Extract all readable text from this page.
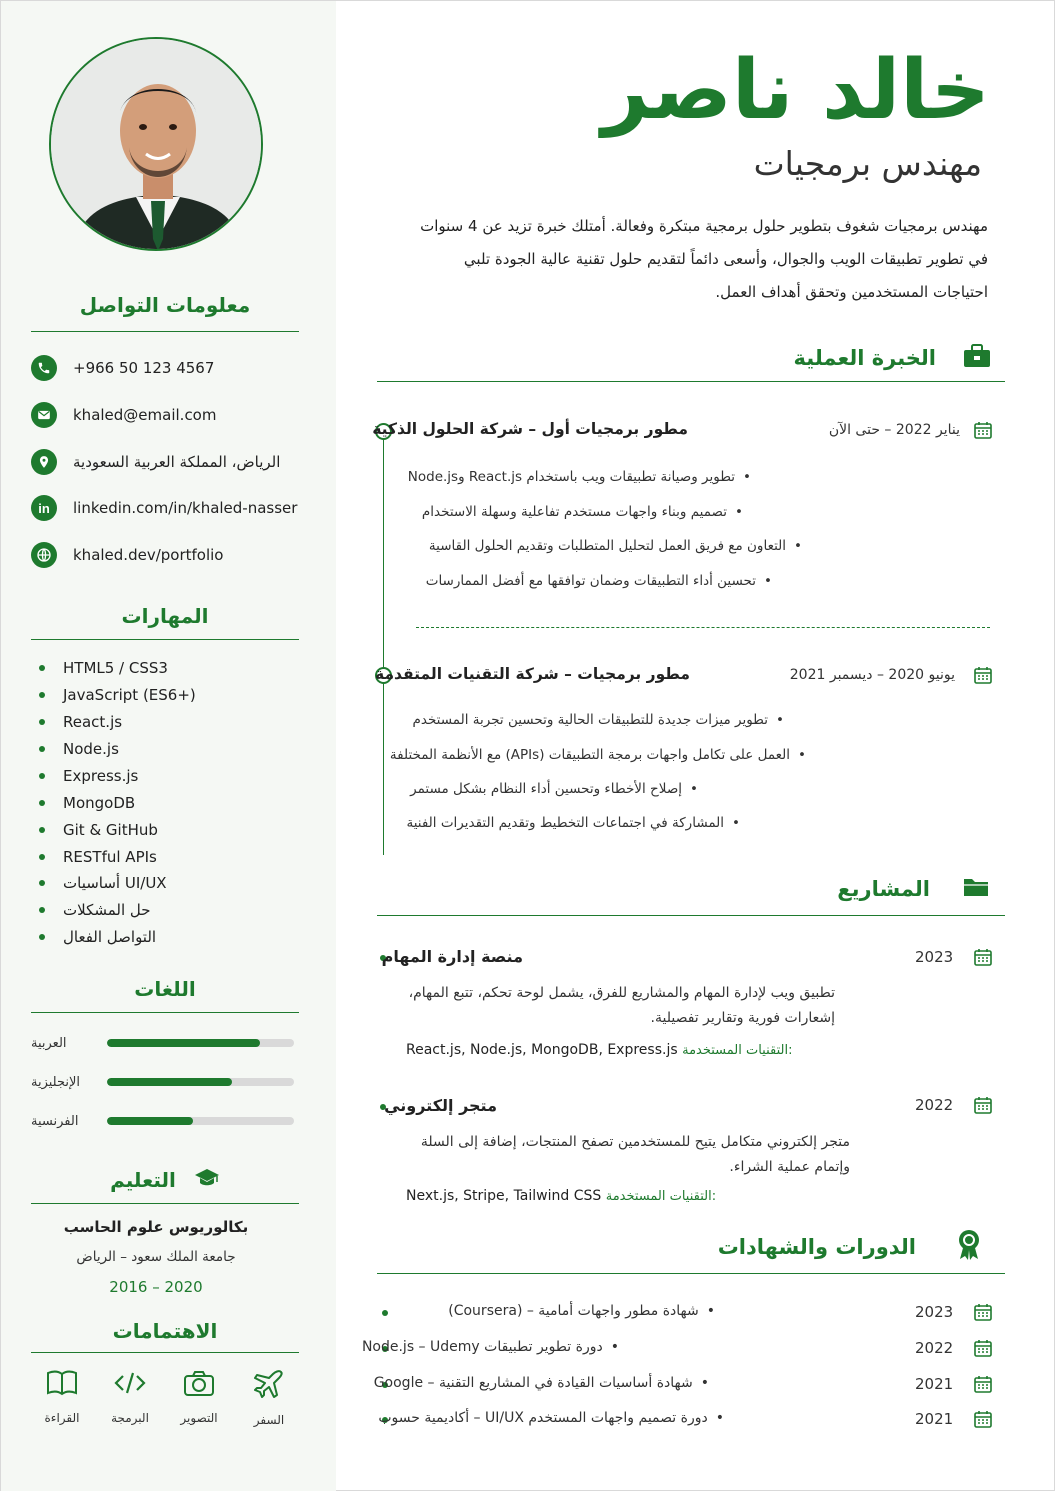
معلومات التواصل
+966 50 123 4567
khaled@email.com
الرياض، المملكة العربية السعودية
in	linkedin.com/in/khaled-nasser
khaled.dev/portfolio
المهارات
HTML5 / CSS3
JavaScript (ES6+)
React.js
Node.js
Express.js
MongoDB
Git & GitHub
RESTful APIs
أساسيات UI/UX
حل المشكلات
التواصل الفعال
اللغات
العربية
الإنجليزية
الفرنسية
التعليم
بكالوريوس علوم الحاسب
جامعة الملك سعود – الرياض
2016 – 2020
الاهتمامات
القراءة	البرمجة	التصوير	السفر
خالد ناصر
مهندس برمجيات
مهندس برمجيات شغوف بتطوير حلول برمجية مبتكرة وفعالة. أمتلك خبرة تزيد عن 4 سنوات
في تطوير تطبيقات الويب والجوال، وأسعى دائماً لتقديم حلول تقنية عالية الجودة تلبي
احتياجات المستخدمين وتحقق أهداف العمل.
الخبرة العملية
مطور برمجيات أول – شركة الحلول الذكية	يناير 2022 – حتى الآن
• تطوير وصيانة تطبيقات ويب باستخدام React.js وNode.js
• تصميم وبناء واجهات مستخدم تفاعلية وسهلة الاستخدام
• التعاون مع فريق العمل لتحليل المتطلبات وتقديم الحلول القاسية
• تحسين أداء التطبيقات وضمان توافقها مع أفضل الممارسات
مطور برمجيات – شركة التقنيات المتقدمة	يونيو 2020 – ديسمبر 2021
• تطوير ميزات جديدة للتطبيقات الحالية وتحسين تجربة المستخدم
• العمل على تكامل واجهات برمجة التطبيقات (APIs) مع الأنظمة المختلفة
• إصلاح الأخطاء وتحسين أداء النظام بشكل مستمر
• المشاركة في اجتماعات التخطيط وتقديم التقديرات الفنية
المشاريع
منصة إدارة المهام	2023
تطبيق ويب لإدارة المهام والمشاريع للفرق، يشمل لوحة تحكم، تتبع المهام،
إشعارات فورية وتقارير تفصيلية.
React.js, Node.js, MongoDB, Express.js التقنيات المستخدمة:
متجر إلكتروني	2022
متجر إلكتروني متكامل يتيح للمستخدمين تصفح المنتجات، إضافة إلى السلة
وإتمام عملية الشراء.
Next.js, Stripe, Tailwind CSS التقنيات المستخدمة:
الدورات والشهادات
• شهادة مطور واجهات أمامية – (Coursera)	2023
• دورة تطوير تطبيقات Node.js – Udemy	2022
• شهادة أساسيات القيادة في المشاريع التقنية – Google	2021
• دورة تصميم واجهات المستخدم UI/UX – أكاديمية حسوب	2021
